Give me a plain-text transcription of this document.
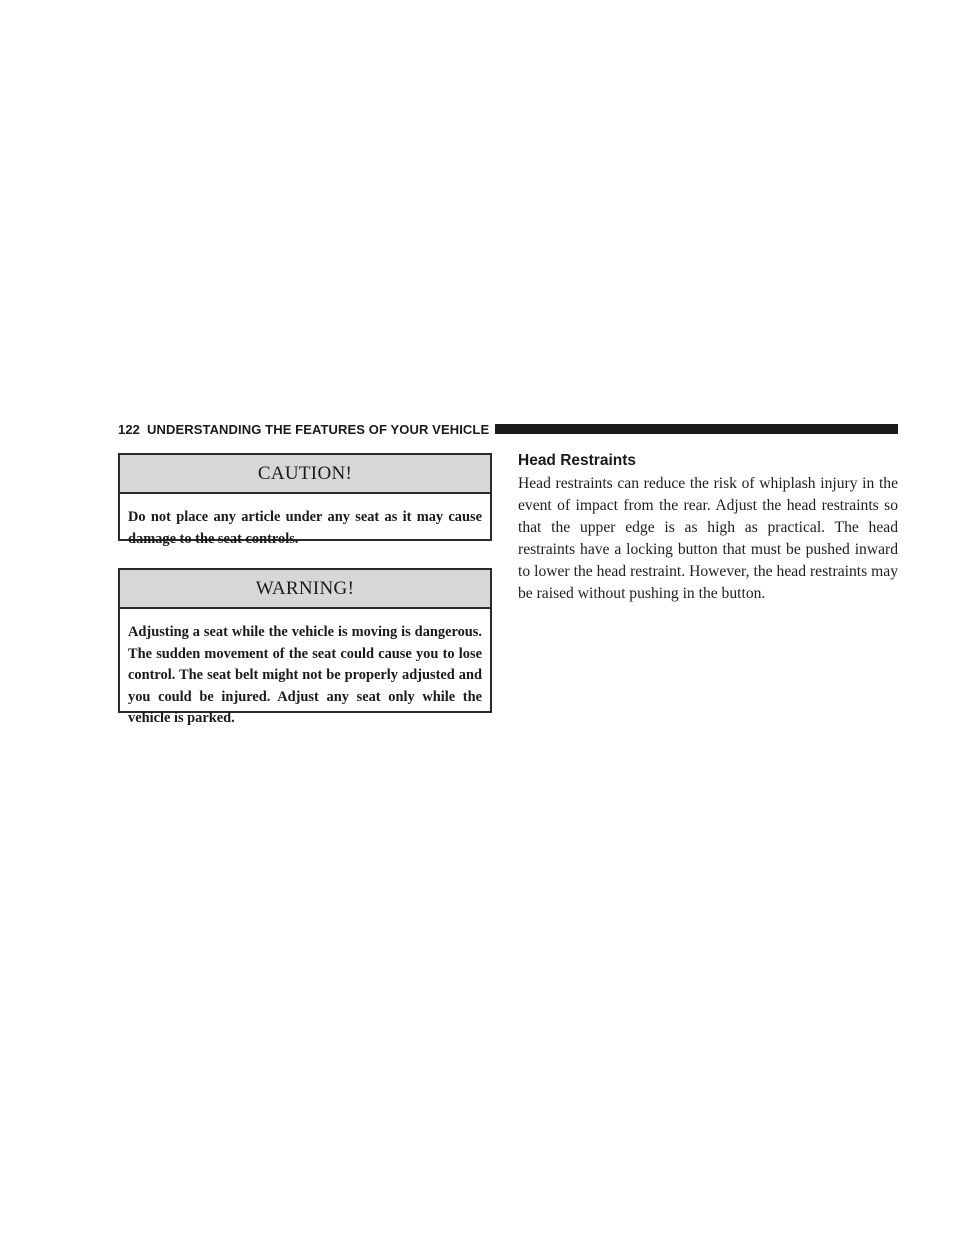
122 UNDERSTANDING THE FEATURES OF YOUR VEHICLE
CAUTION!
Do not place any article under any seat as it may cause damage to the seat controls.
WARNING!
Adjusting a seat while the vehicle is moving is dangerous. The sudden movement of the seat could cause you to lose control. The seat belt might not be properly adjusted and you could be injured. Adjust any seat only while the vehicle is parked.
Head Restraints

Head restraints can reduce the risk of whiplash injury in the event of impact from the rear. Adjust the head restraints so that the upper edge is as high as practical. The head restraints have a locking button that must be pushed inward to lower the head restraint. However, the head restraints may be raised without pushing in the button.
